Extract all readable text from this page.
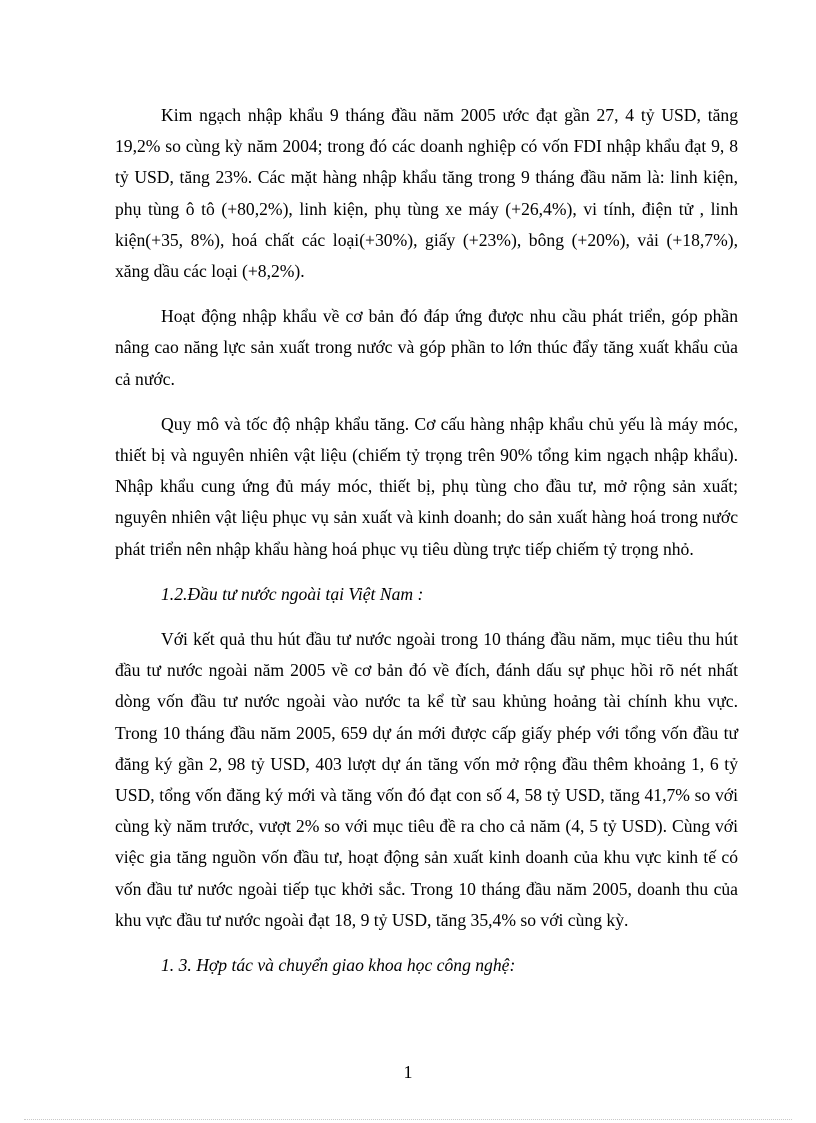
Kim ngạch nhập khẩu 9 tháng đầu năm 2005 ước đạt gần 27, 4 tỷ USD, tăng 19,2% so cùng kỳ năm 2004; trong đó các doanh nghiệp có vốn FDI nhập khẩu đạt 9, 8 tỷ USD, tăng 23%. Các mặt hàng nhập khẩu tăng trong 9 tháng đầu năm là: linh kiện, phụ tùng ô tô (+80,2%), linh kiện, phụ tùng xe máy (+26,4%), vi tính, điện tử , linh kiện(+35, 8%), hoá chất các loại(+30%), giấy (+23%), bông (+20%), vải (+18,7%), xăng dầu các loại (+8,2%).

Hoạt động nhập khẩu về cơ bản đó đáp ứng được nhu cầu phát triển, góp phần nâng cao năng lực sản xuất trong nước và góp phần to lớn thúc đẩy tăng xuất khẩu của cả nước.

Quy mô và tốc độ nhập khẩu tăng. Cơ cấu hàng nhập khẩu chủ yếu là máy móc, thiết bị và nguyên nhiên vật liệu (chiếm tỷ trọng trên 90% tổng kim ngạch nhập khẩu). Nhập khẩu cung ứng đủ máy móc, thiết bị, phụ tùng cho đầu tư, mở rộng sản xuất; nguyên nhiên vật liệu phục vụ sản xuất và kinh doanh; do sản xuất hàng hoá trong nước phát triển nên nhập khẩu hàng hoá phục vụ tiêu dùng trực tiếp chiếm tỷ trọng nhỏ.

1.2.Đầu tư nước ngoài tại Việt Nam :

Với kết quả thu hút đầu tư nước ngoài trong 10 tháng đầu năm, mục tiêu thu hút đầu tư nước ngoài năm 2005 về cơ bản đó về đích, đánh dấu sự phục hồi rõ nét nhất dòng vốn đầu tư nước ngoài vào nước ta kể từ sau khủng hoảng tài chính khu vực. Trong 10 tháng đầu năm 2005, 659 dự án mới được cấp giấy phép với tổng vốn đầu tư đăng ký gần 2, 98 tỷ USD, 403 lượt dự án tăng vốn mở rộng đầu thêm khoảng 1, 6 tỷ USD, tổng vốn đăng ký mới và tăng vốn đó đạt con số 4, 58 tỷ USD, tăng 41,7% so với cùng kỳ năm trước, vượt 2% so với mục tiêu đề ra cho cả năm (4, 5 tỷ USD). Cùng với việc gia tăng nguồn vốn đầu tư, hoạt động sản xuất kinh doanh của khu vực kinh tế có vốn đầu tư nước ngoài tiếp tục khởi sắc. Trong 10 tháng đầu năm 2005, doanh thu của khu vực đầu tư nước ngoài đạt 18, 9 tỷ USD, tăng 35,4% so với cùng kỳ.

1. 3. Hợp tác và chuyển giao khoa học công nghệ:

1
